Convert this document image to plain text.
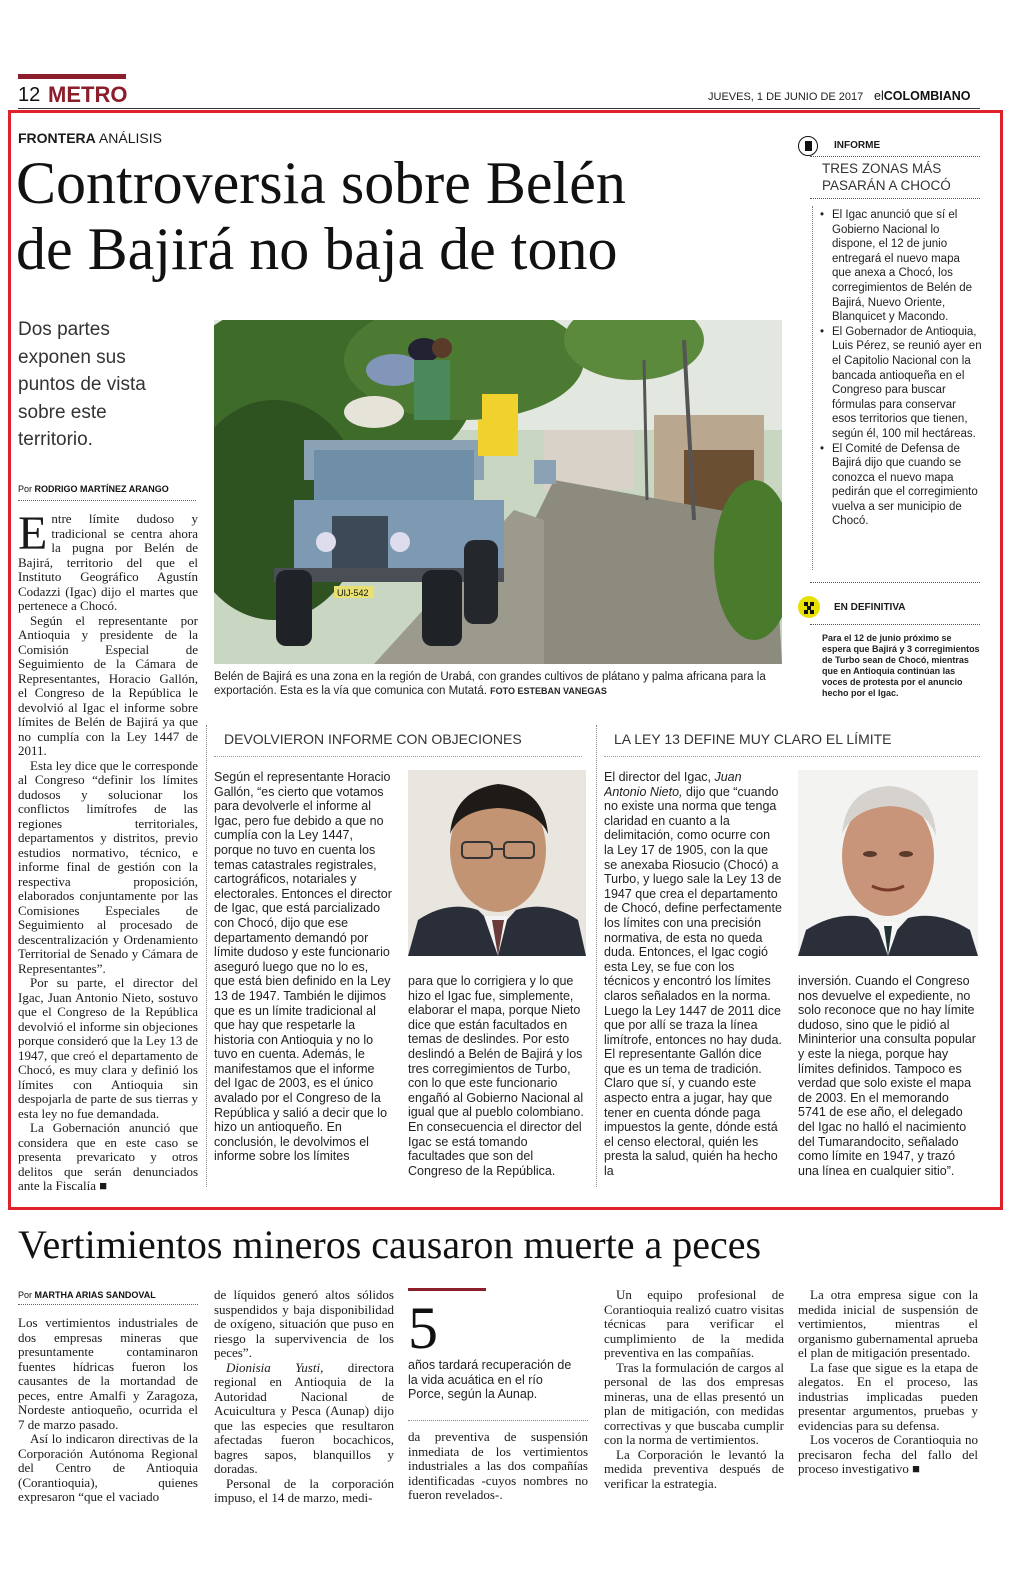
12 METRO	JUEVES, 1 DE JUNIO DE 2017 elCOLOMBIANO
FRONTERA ANÁLISIS
Controversia sobre Belén
de Bajirá no baja de tono
Dos partes exponen sus puntos de vista sobre este territorio.
Por RODRIGO MARTÍNEZ ARANGO

Entre límite dudoso y tradicional se centra ahora la pugna por Belén de Bajirá, territorio del que el Instituto Geográfico Agustín Codazzi (Igac) dijo el martes que pertenece a Chocó.

Según el representante por Antioquia y presidente de la Comisión Especial de Seguimiento de la Cámara de Representantes, Horacio Gallón, el Congreso de la República le devolvió al Igac el informe sobre límites de Belén de Bajirá ya que no cumplía con la Ley 1447 de 2011.

Esta ley dice que le corresponde al Congreso “definir los límites dudosos y solucionar los conflictos limítrofes de las regiones territoriales, departamentos y distritos, previo estudios normativo, técnico, e informe final de gestión con la respectiva proposición, elaborados conjuntamente por las Comisiones Especiales de Seguimiento al procesado de descentralización y Ordenamiento Territorial de Senado y Cámara de Representantes”.

Por su parte, el director del Igac, Juan Antonio Nieto, sostuvo que el Congreso de la República devolvió el informe sin objeciones porque consideró que la Ley 13 de 1947, que creó el departamento de Chocó, es muy clara y definió los límites con Antioquia sin despojarla de parte de sus tierras y esta ley no fue demandada.

La Gobernación anunció que considera que en este caso se presenta prevaricato y otros delitos que serán denunciados ante la Fiscalía ■

UIJ-542
Belén de Bajirá es una zona en la región de Urabá, con grandes cultivos de plátano y palma africana para la exportación. Esta es la vía que comunica con Mutatá. FOTO ESTEBAN VANEGAS
INFORME
TRES ZONAS MÁS PASARÁN A CHOCÓ
• El Igac anunció que sí el Gobierno Nacional lo dispone, el 12 de junio entregará el nuevo mapa que anexa a Chocó, los corregimientos de Belén de Bajirá, Nuevo Oriente, Blanquicet y Macondo.
• El Gobernador de Antioquia, Luis Pérez, se reunió ayer en el Capitolio Nacional con la bancada antioqueña en el Congreso para buscar fórmulas para conservar esos territorios que tienen, según él, 100 mil hectáreas.
• El Comité de Defensa de Bajirá dijo que cuando se conozca el nuevo mapa pedirán que el corregimiento vuelva a ser municipio de Chocó.
EN DEFINITIVA
Para el 12 de junio próximo se espera que Bajirá y 3 corregimientos de Turbo sean de Chocó, mientras que en Antioquia continúan las voces de protesta por el anuncio hecho por el Igac.
DEVOLVIERON INFORME CON OBJECIONES
Según el representante Horacio Gallón, “es cierto que votamos para devolverle el informe al Igac, pero fue debido a que no cumplía con la Ley 1447, porque no tuvo en cuenta los temas catastrales registrales, cartográficos, notariales y electorales. Entonces el director de Igac, que está parcializado con Chocó, dijo que ese departamento demandó por límite dudoso y este funcionario aseguró luego que no lo es, que está bien definido en la Ley 13 de 1947. También le dijimos que es un límite tradicional al que hay que respetarle la historia con Antioquia y no lo tuvo en cuenta. Además, le manifestamos que el informe del Igac de 2003, es el único avalado por el Congreso de la República y salió a decir que lo hizo un antioqueño. En conclusión, le devolvimos el informe sobre los límites
para que lo corrigiera y lo que hizo el Igac fue, simplemente, elaborar el mapa, porque Nieto dice que están facultados en temas de deslindes. Por esto deslindó a Belén de Bajirá y los tres corregimientos de Turbo, con lo que este funcionario engañó al Gobierno Nacional al igual que al pueblo colombiano. En consecuencia el director del Igac se está tomando facultades que son del Congreso de la República.
LA LEY 13 DEFINE MUY CLARO EL LÍMITE
El director del Igac, Juan Antonio Nieto, dijo que “cuando no existe una norma que tenga claridad en cuanto a la delimitación, como ocurre con la Ley 17 de 1905, con la que se anexaba Riosucio (Chocó) a Turbo, y luego sale la Ley 13 de 1947 que crea el departamento de Chocó, define perfectamente los límites con una precisión normativa, de esta no queda duda. Entonces, el Igac cogió esta Ley, se fue con los técnicos y encontró los límites claros señalados en la norma. Luego la Ley 1447 de 2011 dice que por allí se traza la línea limítrofe, entonces no hay duda. El representante Gallón dice que es un tema de tradición. Claro que sí, y cuando este aspecto entra a jugar, hay que tener en cuenta dónde paga impuestos la gente, dónde está el censo electoral, quién les presta la salud, quién ha hecho la
inversión. Cuando el Congreso nos devuelve el expediente, no solo reconoce que no hay límite dudoso, sino que le pidió al Mininterior una consulta popular y este la niega, porque hay límites definidos. Tampoco es verdad que solo existe el mapa de 2003. En el memorando 5741 de ese año, el delegado del Igac no halló el nacimiento del Tumarandocito, señalado como límite en 1947, y trazó una línea en cualquier sitio”.
Vertimientos mineros causaron muerte a peces
Por MARTHA ARIAS SANDOVAL

Los vertimientos industriales de dos empresas mineras que presuntamente contaminaron fuentes hídricas fueron los causantes de la mortandad de peces, entre Amalfi y Zaragoza, Nordeste antioqueño, ocurrida el 7 de marzo pasado.

Así lo indicaron directivas de la Corporación Autónoma Regional del Centro de Antioquia (Corantioquia), quienes expresaron “que el vaciado

de líquidos generó altos sólidos suspendidos y baja disponibilidad de oxígeno, situación que puso en riesgo la supervivencia de los peces”.

Dionisia Yusti, directora regional en Antioquia de la Autoridad Nacional de Acuicultura y Pesca (Aunap) dijo que las especies que resultaron afectadas fueron bocachicos, bagres sapos, blanquillos y doradas.

Personal de la corporación impuso, el 14 de marzo, medi-

5
años tardará recuperación de la vida acuática en el río Porce, según la Aunap.
da preventiva de suspensión inmediata de los vertimientos industriales a las dos compañías identificadas -cuyos nombres no fueron revelados-.

Un equipo profesional de Corantioquia realizó cuatro visitas técnicas para verificar el cumplimiento de la medida preventiva en las compañías.

Tras la formulación de cargos al personal de las dos empresas mineras, una de ellas presentó un plan de mitigación, con medidas correctivas y que buscaba cumplir con la norma de vertimientos.

La Corporación le levantó la medida preventiva después de verificar la estrategia.

La otra empresa sigue con la medida inicial de suspensión de vertimientos, mientras el organismo gubernamental aprueba el plan de mitigación presentado.

La fase que sigue es la etapa de alegatos. En el proceso, las industrias implicadas pueden presentar argumentos, pruebas y evidencias para su defensa.

Los voceros de Corantioquia no precisaron fecha del fallo del proceso investigativo ■
